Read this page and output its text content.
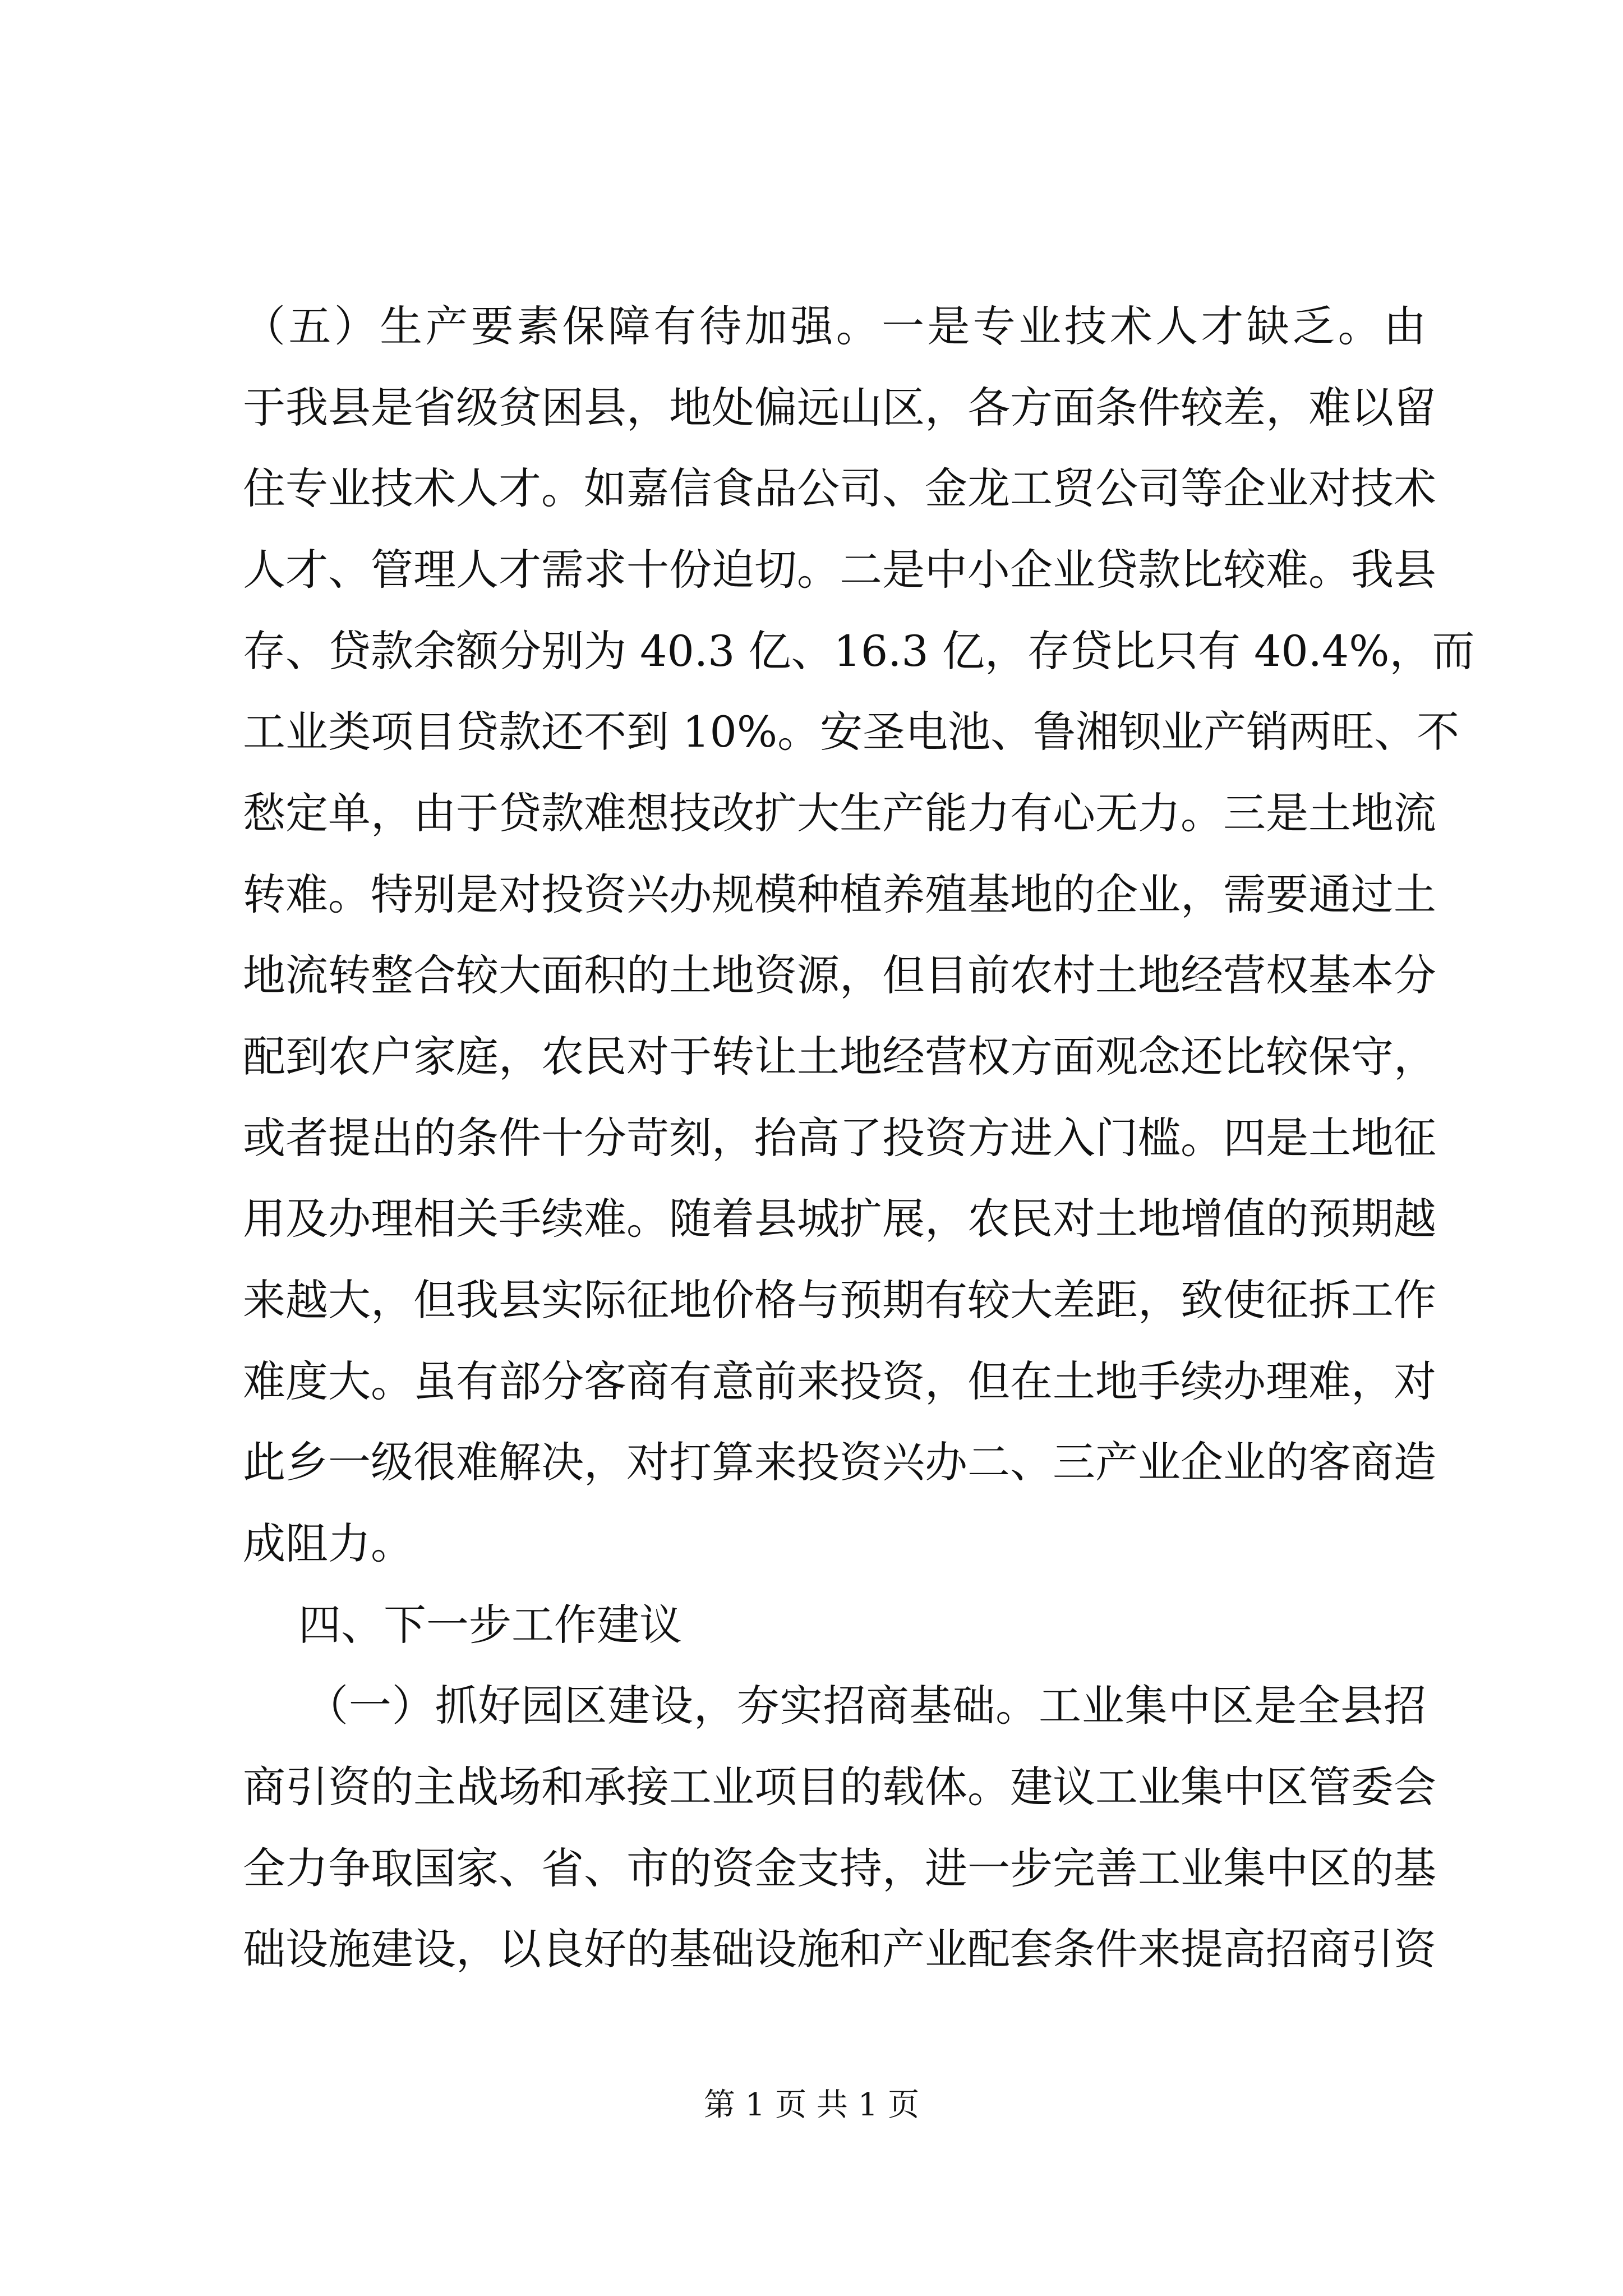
（五）生产要素保障有待加强。一是专业技术人才缺乏。由
于我县是省级贫困县，地处偏远山区，各方面条件较差，难以留
住专业技术人才。如嘉信食品公司、金龙工贸公司等企业对技术
人才、管理人才需求十份迫切。二是中小企业贷款比较难。我县
存、贷款余额分别为 40.3 亿、16.3 亿，存贷比只有 40.4%，而
工业类项目贷款还不到 10%。安圣电池、鲁湘钡业产销两旺、不
愁定单，由于贷款难想技改扩大生产能力有心无力。三是土地流
转难。特别是对投资兴办规模种植养殖基地的企业，需要通过土
地流转整合较大面积的土地资源，但目前农村土地经营权基本分
配到农户家庭，农民对于转让土地经营权方面观念还比较保守，
或者提出的条件十分苛刻，抬高了投资方进入门槛。四是土地征
用及办理相关手续难。随着县城扩展，农民对土地增值的预期越
来越大，但我县实际征地价格与预期有较大差距，致使征拆工作
难度大。虽有部分客商有意前来投资，但在土地手续办理难，对
此乡一级很难解决，对打算来投资兴办二、三产业企业的客商造
成阻力。
四、下一步工作建议
（一）抓好园区建设，夯实招商基础。工业集中区是全县招
商引资的主战场和承接工业项目的载体。建议工业集中区管委会
全力争取国家、省、市的资金支持，进一步完善工业集中区的基
础设施建设，以良好的基础设施和产业配套条件来提高招商引资
第 1 页 共 1 页
